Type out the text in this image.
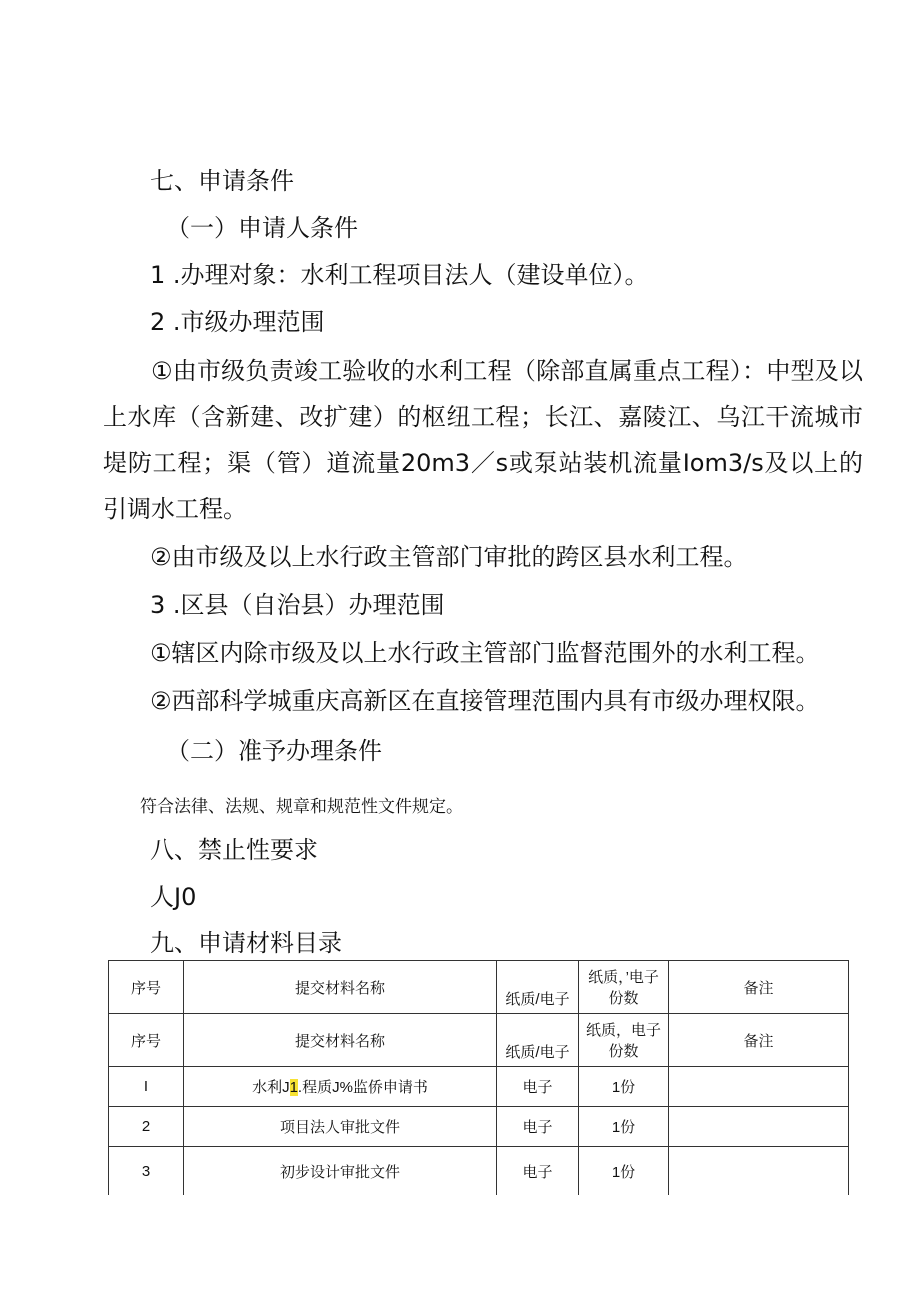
七、申请条件
（一）申请人条件
1 .办理对象：水利工程项目法人（建设单位）。
2 .市级办理范围
①由市级负责竣工验收的水利工程（除部直属重点工程）：中型及以上水库（含新建、改扩建）的枢纽工程；长江、嘉陵江、乌江干流城市堤防工程；渠（管）道流量20m3／s或泵站装机流量Iom3/s及以上的引调水工程。
②由市级及以上水行政主管部门审批的跨区县水利工程。
3 .区县（自治县）办理范围
①辖区内除市级及以上水行政主管部门监督范围外的水利工程。
②西部科学城重庆高新区在直接管理范围内具有市级办理权限。
（二）准予办理条件
符合法律、法规、规章和规范性文件规定。
八、禁止性要求
人J0
九、申请材料目录
序号	提交材料名称	纸质/电子	纸质，’电子份数	备注
序号	提交材料名称	纸质/电子	纸质，电子份数	备注
I	水利J1.程质J%监侨申请书	电子	1份	
2	项目法人审批文件	电子	1份	
3	初步设计审批文件	电子	1份	
